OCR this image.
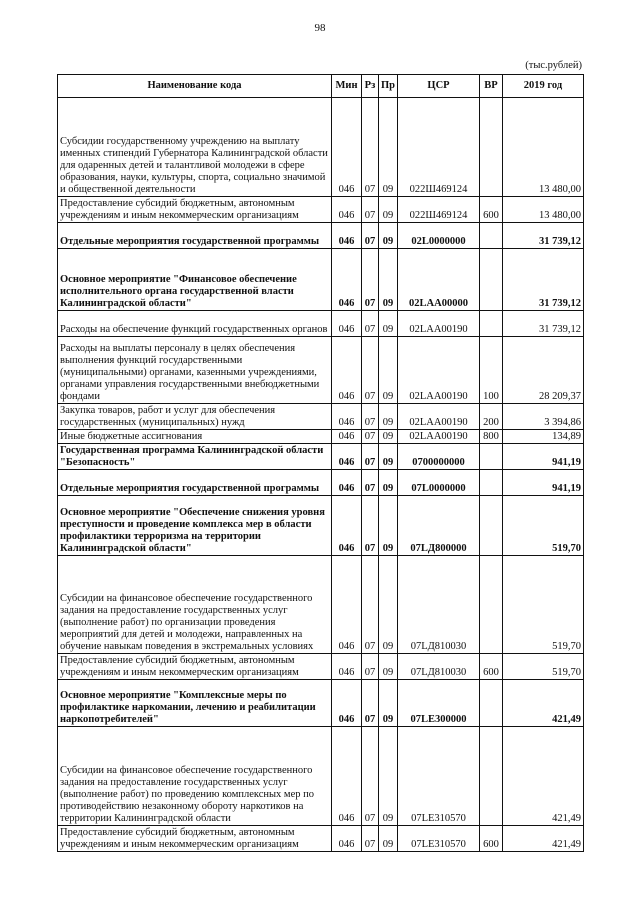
98
(тыс.рублей)
Наименование кода	Мин	Рз	Пр	ЦСР	ВР	2019 год
Субсидии государственному учреждению на выплату именных стипендий Губернатора Калининградской области для одаренных детей и талантливой молодежи в сфере образования, науки, культуры, спорта, социально значимой и общественной деятельности	046	07	09	022Ш469124		13 480,00
Предоставление субсидий бюджетным, автономным учреждениям и иным некоммерческим организациям	046	07	09	022Ш469124	600	13 480,00
Отдельные мероприятия государственной программы	046	07	09	02L0000000		31 739,12
Основное мероприятие "Финансовое обеспечение исполнительного органа государственной власти Калининградской области"	046	07	09	02LAA00000		31 739,12
Расходы на обеспечение функций государственных органов	046	07	09	02LAA00190		31 739,12
Расходы на выплаты персоналу в целях обеспечения выполнения функций государственными (муниципальными) органами, казенными учреждениями, органами управления государственными внебюджетными фондами	046	07	09	02LAA00190	100	28 209,37
Закупка товаров, работ и услуг для обеспечения государственных (муниципальных) нужд	046	07	09	02LAA00190	200	3 394,86
Иные бюджетные ассигнования	046	07	09	02LAA00190	800	134,89
Государственная программа Калининградской области "Безопасность"	046	07	09	0700000000		941,19
Отдельные мероприятия государственной программы	046	07	09	07L0000000		941,19
Основное мероприятие "Обеспечение снижения уровня преступности и проведение комплекса мер в области профилактики терроризма на территории Калининградской области"	046	07	09	07LД800000		519,70
Субсидии на финансовое обеспечение государственного задания на предоставление государственных услуг (выполнение работ) по организации проведения мероприятий для детей и молодежи, направленных на обучение навыкам поведения в экстремальных условиях	046	07	09	07LД810030		519,70
Предоставление субсидий бюджетным, автономным учреждениям и иным некоммерческим организациям	046	07	09	07LД810030	600	519,70
Основное мероприятие "Комплексные меры по профилактике наркомании, лечению и реабилитации наркопотребителей"	046	07	09	07LE300000		421,49
Субсидии на финансовое обеспечение государственного задания на предоставление государственных услуг (выполнение работ) по проведению комплексных мер по противодействию незаконному обороту наркотиков на территории Калининградской области	046	07	09	07LE310570		421,49
Предоставление субсидий бюджетным, автономным учреждениям и иным некоммерческим организациям	046	07	09	07LE310570	600	421,49
